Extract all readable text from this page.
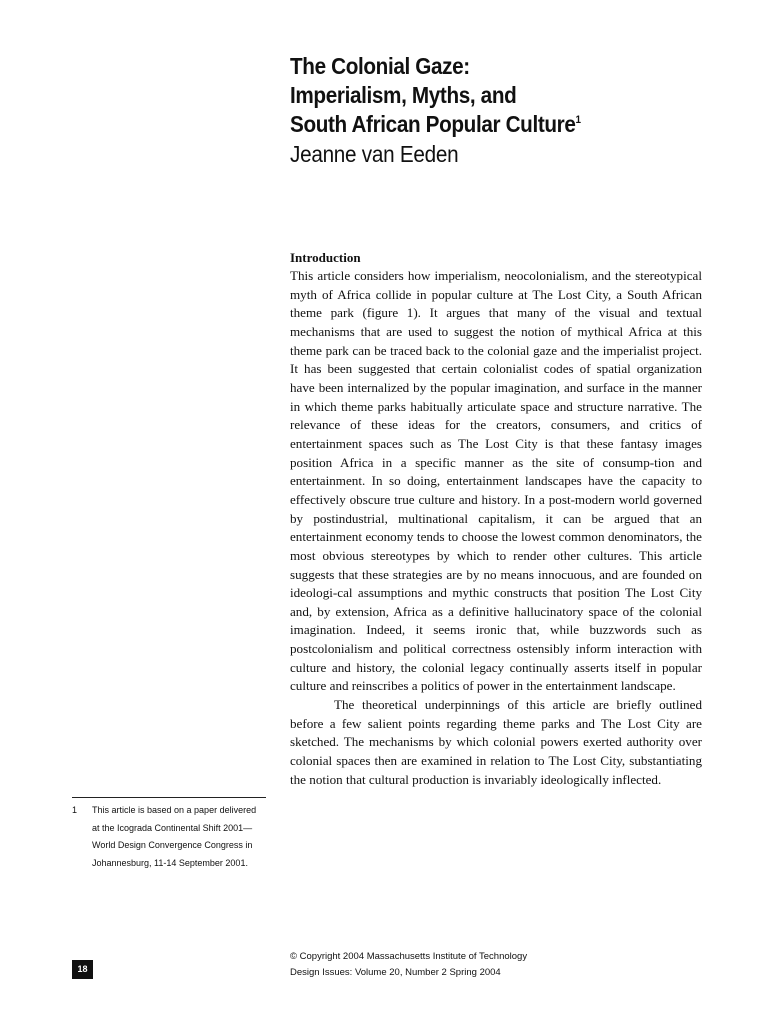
The Colonial Gaze:
Imperialism, Myths, and
South African Popular Culture$^1$
Jeanne van Eeden
Introduction

This article considers how imperialism, neocolonialism, and the stereotypical myth of Africa collide in popular culture at The Lost City, a South African theme park (figure 1). It argues that many of the visual and textual mechanisms that are used to suggest the notion of mythical Africa at this theme park can be traced back to the colonial gaze and the imperialist project. It has been suggested that certain colonialist codes of spatial organization have been internalized by the popular imagination, and surface in the manner in which theme parks habitually articulate space and structure narrative. The relevance of these ideas for the creators, consumers, and critics of entertainment spaces such as The Lost City is that these fantasy images position Africa in a specific manner as the site of consump-tion and entertainment. In so doing, entertainment landscapes have the capacity to effectively obscure true culture and history. In a post-modern world governed by postindustrial, multinational capitalism, it can be argued that an entertainment economy tends to choose the lowest common denominators, the most obvious stereotypes by which to render other cultures. This article suggests that these strategies are by no means innocuous, and are founded on ideologi-cal assumptions and mythic constructs that position The Lost City and, by extension, Africa as a definitive hallucinatory space of the colonial imagination. Indeed, it seems ironic that, while buzzwords such as postcolonialism and political correctness ostensibly inform interaction with culture and history, the colonial legacy continually asserts itself in popular culture and reinscribes a politics of power in the entertainment landscape.

The theoretical underpinnings of this article are briefly outlined before a few salient points regarding theme parks and The Lost City are sketched. The mechanisms by which colonial powers exerted authority over colonial spaces then are examined in relation to The Lost City, substantiating the notion that cultural production is invariably ideologically inflected.

1	This article is based on a paper delivered
at the Icograda Continental Shift 2001—
World Design Convergence Congress in
Johannesburg, 11-14 September 2001.
18
© Copyright 2004 Massachusetts Institute of Technology
Design Issues: Volume 20, Number 2 Spring 2004
